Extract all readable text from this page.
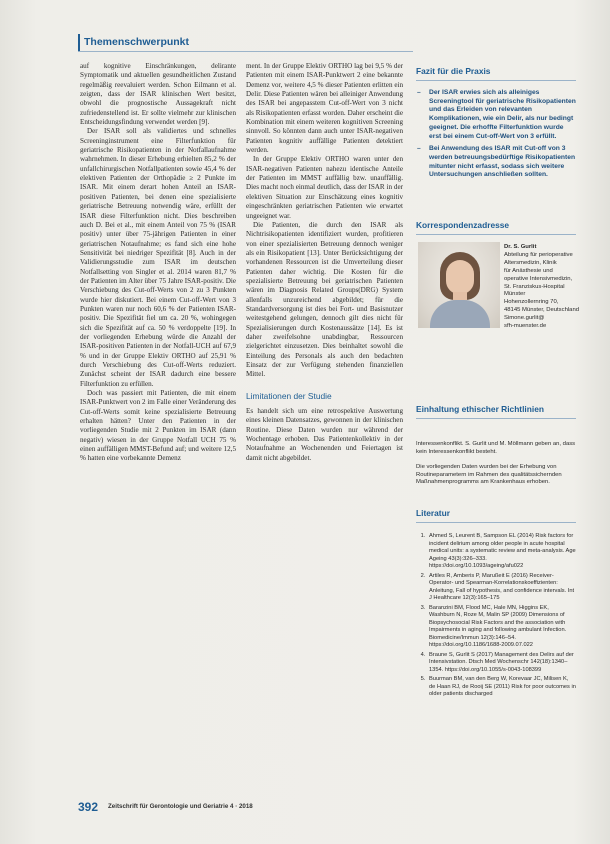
Themenschwerpunkt

auf kognitive Einschränkungen, delirante Symptomatik und aktuellen gesundheitlichen Zustand regelmäßig reevaluiert werden. Schon Eilmann et al. zeigten, dass der ISAR klinischen Wert besitzt, obwohl die prognostische Aussagekraft nicht zufriedenstellend ist. Er sollte vielmehr zur klinischen Entscheidungsfindung verwendet werden [9].

Der ISAR soll als validiertes und schnelles Screeninginstrument eine Filterfunktion für geriatrische Risikopatienten in der Notfallaufnahme wahrnehmen. In dieser Erhebung erhielten 85,2 % der unfallchirurgischen Notfallpatienten sowie 45,4 % der elektiven Patienten der Orthopädie ≥ 2 Punkte im ISAR. Mit einem derart hohen Anteil an ISAR-positiven Patienten, bei denen eine spezialisierte geriatrische Betreuung notwendig wäre, erfüllt der ISAR diese Filterfunktion nicht. Dies beschreiben auch D. Bei et al., mit einem Anteil von 75 % (ISAR positiv) unter über 75-jährigen Patienten in einer geriatrischen Notaufnahme; es fand sich eine hohe Sensitivität bei niedriger Spezifität [8]. Auch in der Validierungsstudie zum ISAR im deutschen Notfallsetting von Singler et al. 2014 waren 81,7 % der Patienten im Alter über 75 Jahre ISAR-positiv. Die Verschiebung des Cut-off-Werts von 2 zu 3 Punkten wurde hier diskutiert. Bei einem Cut-off-Wert von 3 Punkten waren nur noch 60,6 % der Patienten ISAR-positiv. Die Spezifität fiel um ca. 20 %, wohingegen sich die Spezifität auf ca. 50 % verdoppelte [19]. In der vorliegenden Erhebung würde die Anzahl der ISAR-positiven Patienten in der Notfall-UCH auf 67,9 % und in der Gruppe Elektiv ORTHO auf 25,91 % durch Verschiebung des Cut-off-Werts reduziert. Zunächst scheint der ISAR dadurch eine bessere Filterfunktion zu erfüllen.

Doch was passiert mit Patienten, die mit einem ISAR-Punktwert von 2 im Falle einer Veränderung des Cut-off-Werts somit keine spezialisierte Betreuung erhalten hätten? Unter den Patienten in der vorliegenden Studie mit 2 Punkten im ISAR (dann negativ) wiesen in der Gruppe Notfall UCH 75 % einen auffälligen MMST-Befund auf; und weitere 12,5 % hatten eine vorbekannte Demenz

ment. In der Gruppe Elektiv ORTHO lag bei 9,5 % der Patienten mit einem ISAR-Punktwert 2 eine bekannte Demenz vor, weitere 4,5 % dieser Patienten erlitten ein Delir. Diese Patienten wären bei alleiniger Anwendung des ISAR bei angepasstem Cut-off-Wert von 3 nicht als Risikopatienten erfasst worden. Daher erscheint die Kombination mit einem weiteren kognitiven Screening sinnvoll. So könnten dann auch unter ISAR-negativen Patienten kognitiv auffällige Patienten detektiert werden.

In der Gruppe Elektiv ORTHO waren unter den ISAR-negativen Patienten nahezu identische Anteile der Patienten im MMST auffällig bzw. unauffällig. Dies macht noch einmal deutlich, dass der ISAR in der elektiven Situation zur Einschätzung eines kognitiv eingeschränkten geriatrischen Patienten wie erwartet ungeeignet war.

Die Patienten, die durch den ISAR als Nichtrisikopatienten identifiziert wurden, profitieren von einer spezialisierten Betreuung dennoch weniger als ein Risikopatient [13]. Unter Berücksichtigung der vorhandenen Ressourcen ist die Umverteilung dieser Patienten daher wichtig. Die Kosten für die spezialisierte Betreuung bei geriatrischen Patienten wären im Diagnosis Related Groups(DRG) System allenfalls unzureichend abgebildet; für die Standardversorgung ist dies bei Fort- und Basisnutzer weitestgehend gelungen, dennoch gilt dies nicht für Spezialisierungen durch Kostenaussätze [14]. Es ist daher zweifelsohne unabdingbar, Ressourcen zielgerichtet einzusetzen. Dies beinhaltet sowohl die Einteilung des Personals als auch den bedachten Einsatz der zur Verfügung stehenden finanziellen Mittel.

Limitationen der Studie

Es handelt sich um eine retrospektive Auswertung eines kleinen Datensatzes, gewonnen in der klinischen Routine. Diese Daten wurden nur während der Wochentage erhoben. Das Patientenkollektiv in der Notaufnahme an Wochenenden und Feiertagen ist damit nicht abgebildet.

Fazit für die Praxis
– Der ISAR erwies sich als alleiniges Screeningtool für geriatrische Risikopatienten und das Erleiden von relevanten Komplikationen, wie ein Delir, als nur bedingt geeignet. Die erhoffte Filterfunktion wurde erst bei einem Cut-off-Wert von 3 erfüllt.
– Bei Anwendung des ISAR mit Cut-off von 3 werden betreuungsbedürftige Risikopatienten mitunter nicht erfasst, sodass sich weitere Untersuchungen anschließen sollten.
Korrespondenzadresse
Dr. S. Gurlit
Abteilung für perioperative
Altersmedizin, Klinik
für Anästhesie und
operative Intensivmedizin,
St. Franziskus-Hospital
Münster
Hohenzollernring 70,
48145 Münster, Deutschland
Simone.gurlit@
sfh-muenster.de
Einhaltung ethischer Richtlinien
Interessenkonflikt. S. Gurlit und M. Möllmann geben an, dass kein Interessenkonflikt besteht.
Die vorliegenden Daten wurden bei der Erhebung von Routineparametern im Rahmen des qualitätssichernden Maßnahmenprogramms am Krankenhaus erhoben.
Literatur
1. Ahmed S, Leurent B, Sampson EL (2014) Risk factors for incident delirium among older people in acute hospital medical units: a systematic review and meta-analysis. Age Ageing 43(3):326–333. https://doi.org/10.1093/ageing/afu022
2. Artiles R, Amberis P, Marußeit E (2016) Receiver-Operator- und Spearman-Korrelationskoeffizienten: Anleitung, Fall of hypothesis, and confidence intervals. Int J Healthcare 12(3):165–175
3. Baranzini BM, Flood MC, Hale MN, Higgins EK, Washburn N, Roze M, Malin SP (2009) Dimensions of Biopsychosocial Risk Factors and the association with Impairments in aging and following ambulant Infection. Biomedicine/Immun 12(3):146–54. https://doi.org/10.1186/1688-2009.07.022
4. Braune S, Gurlit S (2017) Management des Delirs auf der Intensivstation. Dtsch Med Wochenschr 142(18):1340–1354. https://doi.org/10.1055/s-0043-108399
5. Buurman BM, van den Berg W, Korevaar JC, Milisen K, de Haan RJ, de Rooij SE (2011) Risk for poor outcomes in older patients discharged
392 Zeitschrift für Gerontologie und Geriatrie 4 · 2018
